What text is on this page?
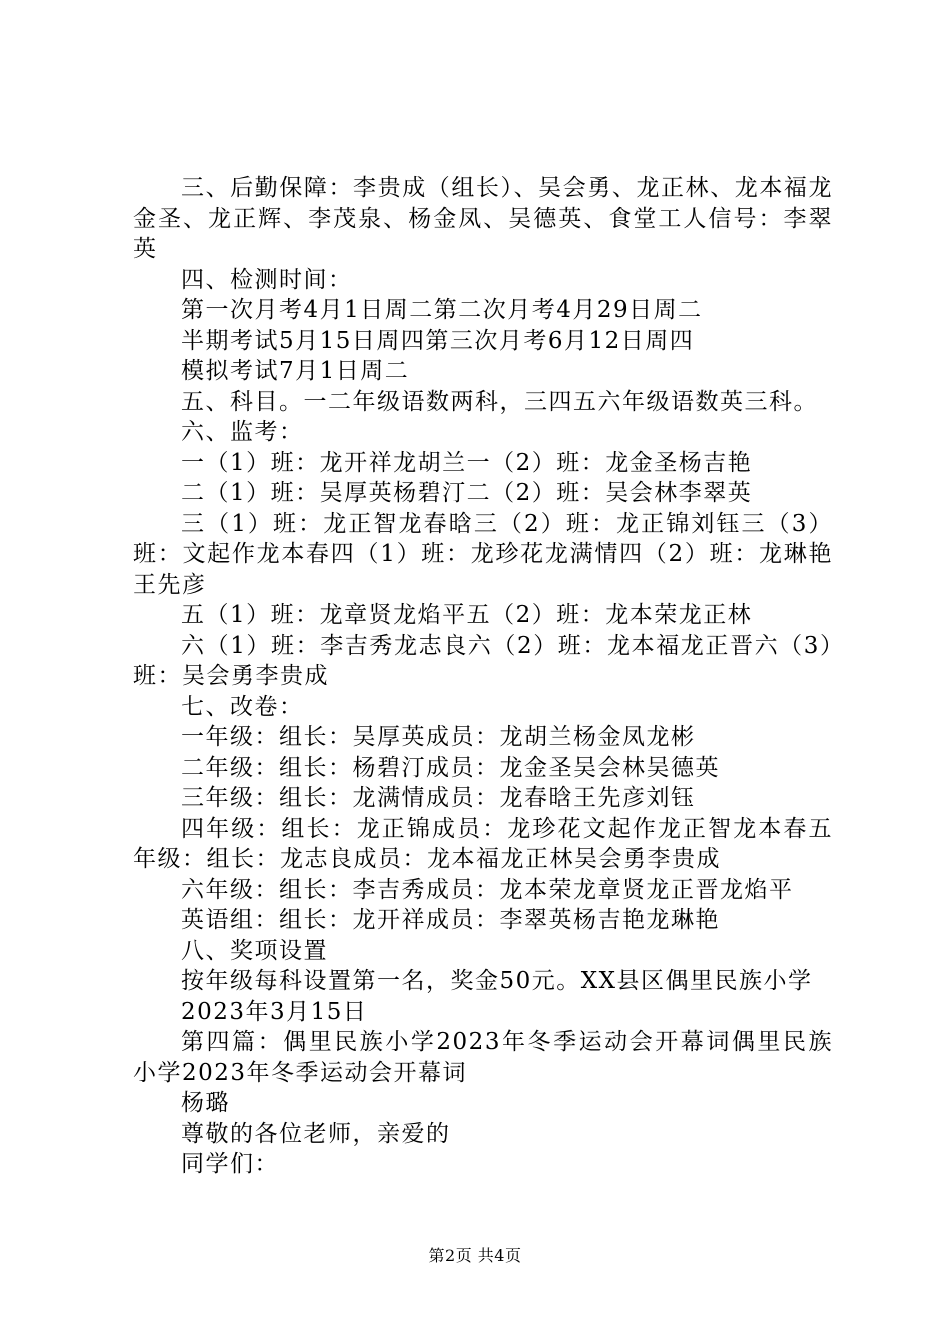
三、后勤保障：李贵成（组长）、吴会勇、龙正林、龙本福龙金圣、龙正辉、李茂泉、杨金凤、吴德英、食堂工人信号：李翠英

四、检测时间：

第一次月考4月1日周二第二次月考4月29日周二

半期考试5月15日周四第三次月考6月12日周四

模拟考试7月1日周二

五、科目。一二年级语数两科，三四五六年级语数英三科。

六、监考：

一（1）班：龙开祥龙胡兰一（2）班：龙金圣杨吉艳

二（1）班：吴厚英杨碧汀二（2）班：吴会林李翠英

三（1）班：龙正智龙春晗三（2）班：龙正锦刘钰三（3）班：文起作龙本春四（1）班：龙珍花龙满情四（2）班：龙琳艳王先彦

五（1）班：龙章贤龙焰平五（2）班：龙本荣龙正林

六（1）班：李吉秀龙志良六（2）班：龙本福龙正晋六（3）班：吴会勇李贵成

七、改卷：

一年级：组长：吴厚英成员：龙胡兰杨金凤龙彬

二年级：组长：杨碧汀成员：龙金圣吴会林吴德英

三年级：组长：龙满情成员：龙春晗王先彦刘钰

四年级：组长：龙正锦成员：龙珍花文起作龙正智龙本春五年级：组长：龙志良成员：龙本福龙正林吴会勇李贵成

六年级：组长：李吉秀成员：龙本荣龙章贤龙正晋龙焰平

英语组：组长：龙开祥成员：李翠英杨吉艳龙琳艳

八、奖项设置

按年级每科设置第一名，奖金50元。XX县区偶里民族小学

2023年3月15日

第四篇：偶里民族小学2023年冬季运动会开幕词偶里民族小学2023年冬季运动会开幕词

杨璐

尊敬的各位老师，亲爱的

同学们：

第2页 共4页
